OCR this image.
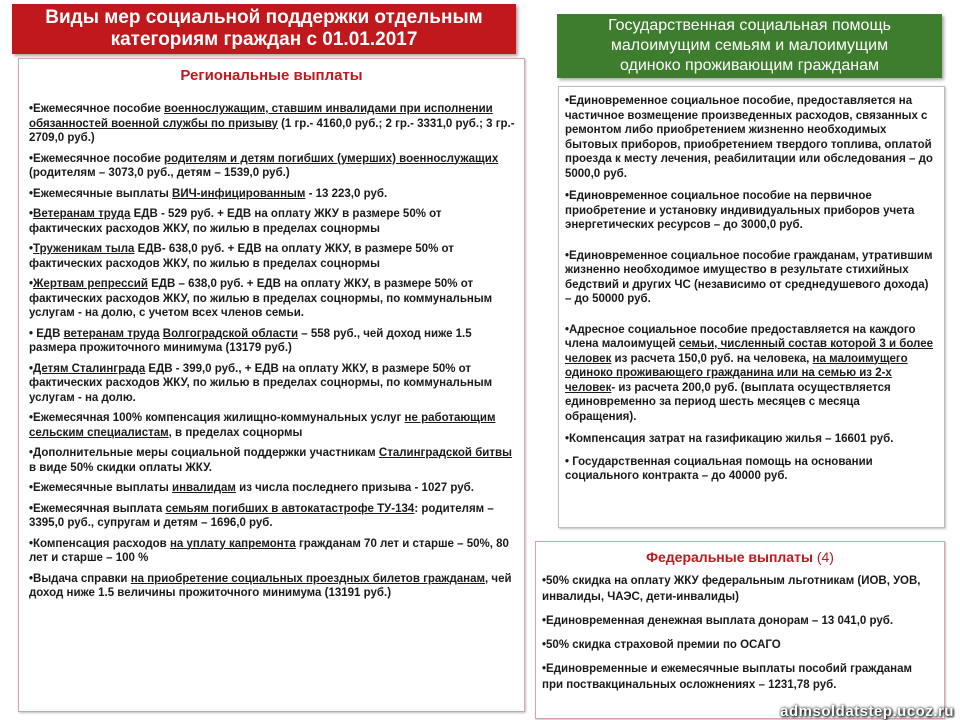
Виды мер социальной поддержки отдельным
категориям граждан с 01.01.2017
Государственная социальная помощь
малоимущим семьям и малоимущим
одиноко проживающим гражданам
Региональные выплаты

•Ежемесячное пособие военнослужащим, ставшим инвалидами при исполнении обязанностей военной службы по призыву (1 гр.- 4160,0 руб.; 2 гр.- 3331,0 руб.; 3 гр.- 2709,0 руб.)

•Ежемесячное пособие родителям и детям погибших (умерших) военнослужащих (родителям – 3073,0 руб., детям – 1539,0 руб.)

•Ежемесячные выплаты ВИЧ-инфицированным - 13 223,0 руб.

•Ветеранам труда ЕДВ - 529 руб. + ЕДВ на оплату ЖКУ в размере 50% от фактических расходов ЖКУ, по жилью в пределах соцнормы

•Труженикам тыла ЕДВ- 638,0 руб. + ЕДВ на оплату ЖКУ, в размере 50% от фактических расходов ЖКУ, по жилью в пределах соцнормы

•Жертвам репрессий ЕДВ – 638,0 руб. + ЕДВ на оплату ЖКУ, в размере 50% от фактических расходов ЖКУ, по жилью в пределах соцнормы, по коммунальным услугам - на долю, с учетом всех членов семьи.

• ЕДВ ветеранам труда Волгоградской области – 558 руб., чей доход ниже 1.5 размера прожиточного минимума (13179 руб.)

•Детям Сталинграда ЕДВ - 399,0 руб., + ЕДВ на оплату ЖКУ, в размере 50% от фактических расходов ЖКУ, по жилью в пределах соцнормы, по коммунальным услугам - на долю.

•Ежемесячная 100% компенсация жилищно-коммунальных услуг не работающим сельским специалистам, в пределах соцнормы

•Дополнительные меры социальной поддержки участникам Сталинградской битвы в виде 50% скидки оплаты ЖКУ.

•Ежемесячные выплаты инвалидам из числа последнего призыва - 1027 руб.

•Ежемесячная выплата семьям погибших в автокатастрофе ТУ-134: родителям – 3395,0 руб., супругам и детям – 1696,0 руб.

•Компенсация расходов на уплату капремонта гражданам 70 лет и старше – 50%, 80 лет и старше – 100 %

•Выдача справки на приобретение социальных проездных билетов гражданам, чей доход ниже 1.5 величины прожиточного минимума (13191 руб.)

•Единовременное социальное пособие, предоставляется на частичное возмещение произведенных расходов, связанных с ремонтом либо приобретением жизненно необходимых бытовых приборов, приобретением твердого топлива, оплатой проезда к месту лечения, реабилитации или обследования – до 5000,0 руб.

•Единовременное социальное пособие на первичное приобретение и установку индивидуальных приборов учета энергетических ресурсов – до 3000,0 руб.

•Единовременное социальное пособие гражданам, утратившим жизненно необходимое имущество в результате стихийных бедствий и других ЧС (независимо от среднедушевого дохода) – до 50000 руб.

•Адресное социальное пособие предоставляется на каждого члена малоимущей семьи, численный состав которой 3 и более человек из расчета 150,0 руб. на человека, на малоимущего одиноко проживающего гражданина или на семью из 2-х человек- из расчета 200,0 руб. (выплата осуществляется единовременно за период шесть месяцев с месяца обращения).

•Компенсация затрат на газификацию жилья – 16601 руб.

• Государственная социальная помощь на основании социального контракта – до 40000 руб.

Федеральные выплаты (4)

•50% скидка на оплату ЖКУ федеральным льготникам (ИОВ, УОВ, инвалиды, ЧАЭС, дети-инвалиды)

•Единовременная денежная выплата донорам – 13 041,0 руб.

•50% скидка страховой премии по ОСАГО

•Единовременные и ежемесячные выплаты пособий гражданам при поствакцинальных осложнениях – 1231,78 руб.

admsoldatstep.ucoz.ru
